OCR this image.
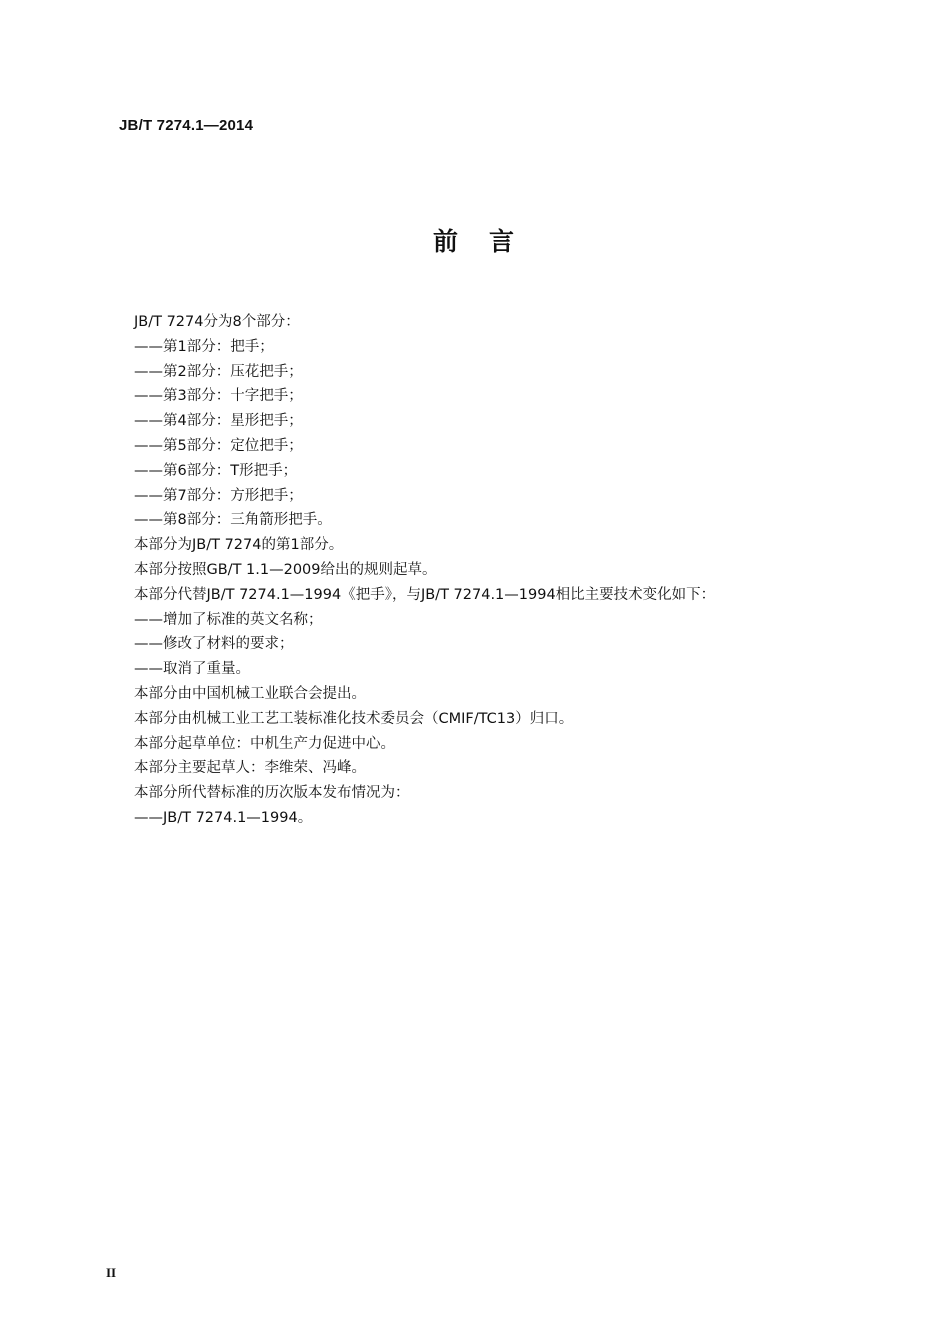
JB/T 7274.1—2014
前　言
JB/T 7274分为8个部分：
——第1部分：把手；
——第2部分：压花把手；
——第3部分：十字把手；
——第4部分：星形把手；
——第5部分：定位把手；
——第6部分：T形把手；
——第7部分：方形把手；
——第8部分：三角箭形把手。
本部分为JB/T 7274的第1部分。
本部分按照GB/T 1.1—2009给出的规则起草。
本部分代替JB/T 7274.1—1994《把手》，与JB/T 7274.1—1994相比主要技术变化如下：
——增加了标准的英文名称；
——修改了材料的要求；
——取消了重量。
本部分由中国机械工业联合会提出。
本部分由机械工业工艺工装标准化技术委员会（CMIF/TC13）归口。
本部分起草单位：中机生产力促进中心。
本部分主要起草人：李维荣、冯峰。
本部分所代替标准的历次版本发布情况为：
——JB/T 7274.1—1994。
II
